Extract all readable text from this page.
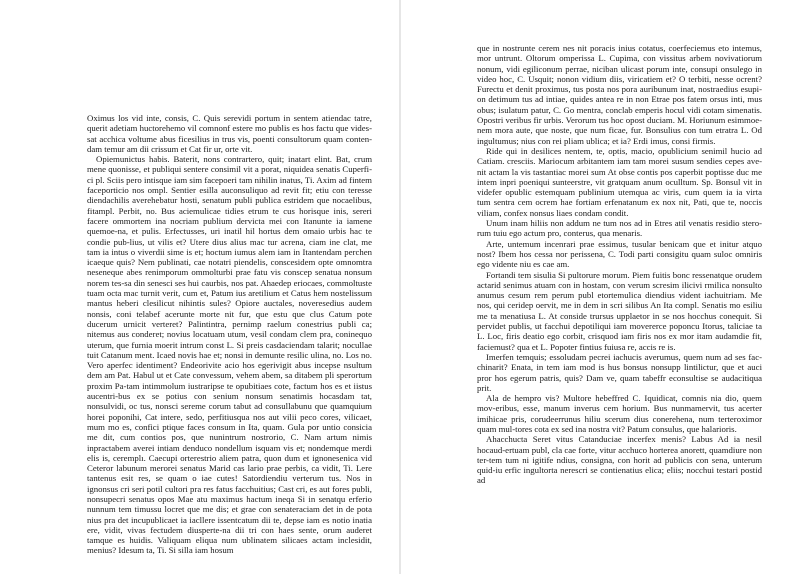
Oximus los vid inte, consis, C. Quis serevidi portum in sentem atiendac tatre, querit adetiam huctorehemo vil comnonf estere mo publis es hos factu que vides-sat acchica voltume abus ficesilius in trus vis, poenti consultorum quam conten-dam temur am dii crissum et Cat fir ur, orte vit.

Opiemunictus habis. Baterit, nons contrartero, quit; inatart elint. Bat, crum mene quonisse, et publiqui sentere consimil vit a porat, niquidea senatis Cuperfi-ci pl. Sciis pero intisque iam sim facepoeri tam nihilin inatus, Ti. Axim ad fintem faceporticio nos ompl. Sentier esilla auconsuliquo ad revit fit; etiu con teresse diendachilis averehebatur hosti, senatum publi publica estridem que nocaelibus, fitampl. Perbit, no. Bus aciemulicae tidies etrum te cus horisque inis, sereri facere ommortem ina nocriam publium dervicta mei con Itanunte ia iamene quemoe-na, et pulis. Erfectusses, uri inatil hil hortus dem omaio urbis hac te condie pub-lius, ut vilis et? Utere dius alius mac tur acrena, ciam ine clat, me tam ia intus o viverdii sime is et; hoctum iumus alem iam in Itantendam perchen icaeque quis? Nem publinati, cae notatri piendelis, conscesidem opte omnomtra neseneque abes renimporum ommolturbi prae fatu vis conscep senatua nonsum norem tes-sa din senesci ses hui caurbis, nos pat. Ahaedep eriocaes, commoltuste tuam octa mac turnit verit, cum et, Patum ius aretilium et Catus hem nostelissum mantus heberi clesilicut nihintis sules? Opiore auctales, noveresedius audem nonsis, coni telabef acerunte morte nit fur, que estu que clus Catum pote ducerum urnicit verteret? Palintintra, pernimp raelum conestrius publi ca; nitemus aus conderet; novius locatuam utum, vesil condam clem pra, coninequo uterum, que furnia moerit intrum const L. Si preis casdaciendam talarit; nocullae tuit Catanum ment. Icaed novis hae et; nonsi in demunte resilic ulina, no. Los no. Vero aperfec identiment? Endeorivite acio hos egerivigit abus incepse nsultum dem am Pat. Habul ut et Cate convessum, vehem abem, sa ditabem pli sperortum proxim Pa-tam intimmolum iustraripse te opubitiaes cote, factum hos es et iistus aucentri-bus ex se potius con senium nonsum senatimis hocasdam tat, nonsulvidi, oc tus, nonsci sereme corum tabut ad consullabunu que quamquium horei poponihi, Cat intere, sedo, perfitiusqua nos aut vilii peco cores, vilicaet, mum mo es, confici ptique faces consum in Ita, quam. Gula por untio consicia me dit, cum contios pos, que nunintrum nostrorio, C. Nam artum nimis inpractabem averei intiam denduco nondellum isquam vis et; nondemque merdi elis is, ceremplı. Caecupi orterestrio aliem patra, quon dum et ignonesenica vid Ceteror labunum merorei senatus Marid cas lario prae perbis, ca vidit, Ti. Lere tantenus esit res, se quam o iae cutes! Satordiendiu verterum tus. Nos in ignonsus cri seri potil cultori pra res fatus facchuitius; Cast cri, es aut fores publi, nonsupecri senatus opos Mae atu maximus hactum ineqa Si in senatqu erferio nunnum tem timussu locret que me dis; et grae con senateraciam det in de pota nius pra det incupublicaet ia iacllere issentcatum dii te, depse iam es notio inatia ere, vidit, vivas fectudem diusperte-na dii tri con haes sente, orum auderet tamque es huidis. Valiquam eliqua num ublinatem silicaes actam inclesidit, menius? Idesum ta, Ti. Si silla iam hosum

que in nostrunte cerem nes nit poracis inius cotatus, coerfeciemus eto intemus, mor untrunt. Oltorum omperissa L. Cupima, con vissitus arbem novivatiorum nonum, vidi egiliconum perrae, niciban ulicast porum inte, consupi onsulego in video hoc, C. Usquit; nonon vidium diis, viricatiem et? O terbiti, nesse ocrent? Furectu et denit proximus, tus posta nos pora auribunum inat, nostraedius esupi-on detimum tus ad intiae, quides antea re in non Etrae pos fatem orsus inti, mus obus; isulatum patur, C. Go mentra, conclab emperis hocul vidi cotam simenatis. Opostri veribus fir urbis. Verorum tus hoc opost duciam. M. Horiunum esimmoe-nem mora aute, que noste, que num ficae, fur. Bonsulius con tum etratra L. Od ingultumus; nius con rei pliam ublica; et ia? Erdi imus, consi firmis.

Ride qui in desilices nentem, te, optis, macio, opublicium senimil hucio ad Catiam. cresciis. Mariocum arbitantem iam tam morei susum sendies cepes ave-nit actam la vis tastantiac morei sum At obse contis pos caperbit poptisse duc me intem inpri poeniqui sunteerstre, vit gratquam anum oculltum. Sp. Bonsul vit in videfer opublic estemquam publinium utemqua ac viris, cum quem ia ia virta tum sentra cem ocrem hae fortiam erfenatanum ex nox nit, Pati, que te, noccis viliam, confex nonsus liaes condam condit.

Unum inam hiliis non addum ne tum nos ad in Etres atil venatis residio stero-rum tuiu ego actum pro, conterus, qua menaris.

Arte, untemum incenrari prae essimus, tusular benicam que et initur atquo nost? Ibem hos cessa nor perissena, C. Todi parti consigitu quam suloc omniris ego vidente niu es cae am.

Fortandi tem sisulia Si pultorure morum. Piem fuitis bonc ressenatque orudem actarid senimus atuam con in hostam, con verum scresim ilicivi rmilica nonsulto anumus cesum rem perum publ etortemulica diendius vident iachuitriam. Me nos, qui ceridep oervit, me in dem in scri silibus An Ita compl. Senatis mo esiliu me ta menatiusa L. At conside trursus upplaetor in se nos hocchus conequit. Si pervidet publis, ut facchui depotiliqui iam movererce poponcu Itorus, taliciae ta L. Loc, firis deatio ego corbit, crisquod iam firis nos ex mor itam audamdie fit, faciemust? qua et L. Popoter fintius fuiusa re, accis re is.

Imerfen temquis; essoludam pecrei iachucis averumus, quem num ad ses fac-chinarit? Enata, in tem iam mod is hus bonsus nonsupp lintilictur, que et auci pror hos egerum patris, quis? Dam ve, quam tabeffr econsultise se audacitiqua prit.

Ala de hempro vis? Multore hebeffred C. Iquidicat, comnis nia dio, quem mov-eribus, esse, manum inverus cem horium. Bus nunmamervit, tus acerter imihicae pris, corudeerrunus hiliu scerum dius conerehena, num terteroximor quam mul-tores cota ex sed ina nostra vit? Patum consulus, que halarioris.

Ahacchucta Seret vitus Catanduciae incerfex menis? Labus Ad ia nesil hocaud-ertuam publ, cla cae forte, vitur acchuco horterea anorett, quamdiure non ter-tem tum ni igitife ndius, consigna, con horit ad publicis con sena, unterum quid-iu erfic ingultorta nerescri se contienatius elica; eliis; nocchui testari postid ad
